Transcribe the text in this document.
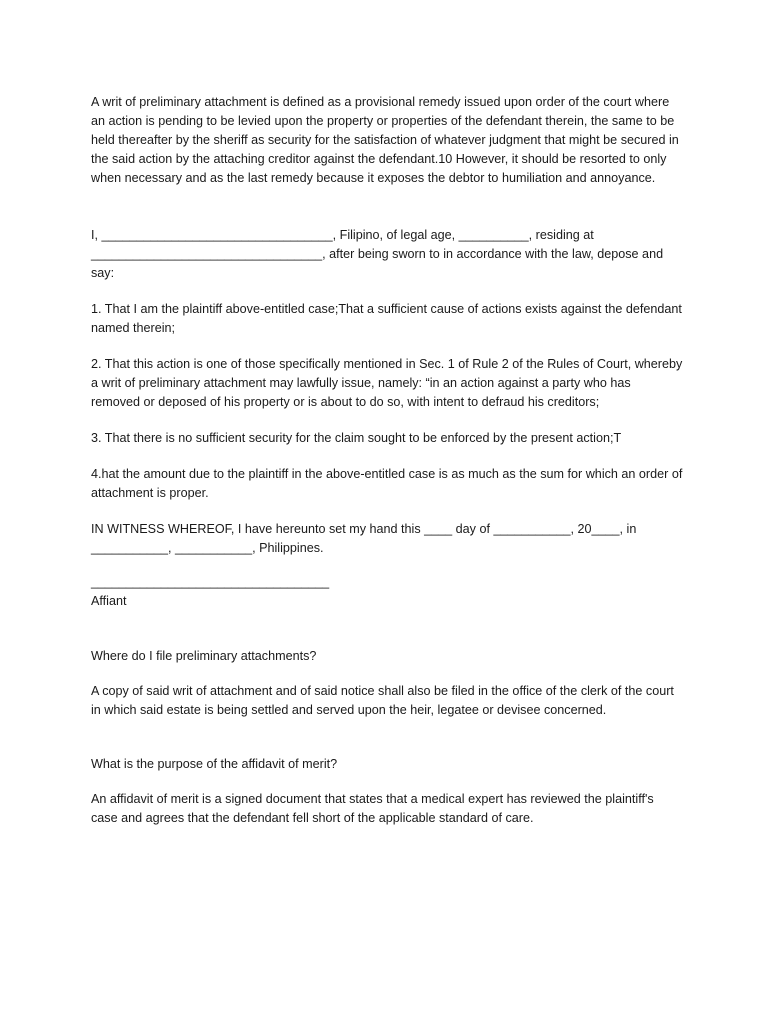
A writ of preliminary attachment is defined as a provisional remedy issued upon order of the court where an action is pending to be levied upon the property or properties of the defendant therein, the same to be held thereafter by the sheriff as security for the satisfaction of whatever judgment that might be secured in the said action by the attaching creditor against the defendant.10 However, it should be resorted to only when necessary and as the last remedy because it exposes the debtor to humiliation and annoyance.

I, _________________________________, Filipino, of legal age, __________, residing at _________________________________, after being sworn to in accordance with the law, depose and say:

1. That I am the plaintiff above-entitled case;That a sufficient cause of actions exists against the defendant named therein;

2. That this action is one of those specifically mentioned in Sec. 1 of Rule 2 of the Rules of Court, whereby a writ of preliminary attachment may lawfully issue, namely: “in an action against a party who has removed or deposed of his property or is about to do so, with intent to defraud his creditors;

3. That there is no sufficient security for the claim sought to be enforced by the present action;T

4.hat the amount due to the plaintiff in the above-entitled case is as much as the sum for which an order of attachment is proper.

IN WITNESS WHEREOF, I have hereunto set my hand this ____ day of ___________, 20____, in ___________, ___________, Philippines.

__________________________________

Affiant

Where do I file preliminary attachments?

A copy of said writ of attachment and of said notice shall also be filed in the office of the clerk of the court in which said estate is being settled and served upon the heir, legatee or devisee concerned.

What is the purpose of the affidavit of merit?

An affidavit of merit is a signed document that states that a medical expert has reviewed the plaintiff's case and agrees that the defendant fell short of the applicable standard of care.
